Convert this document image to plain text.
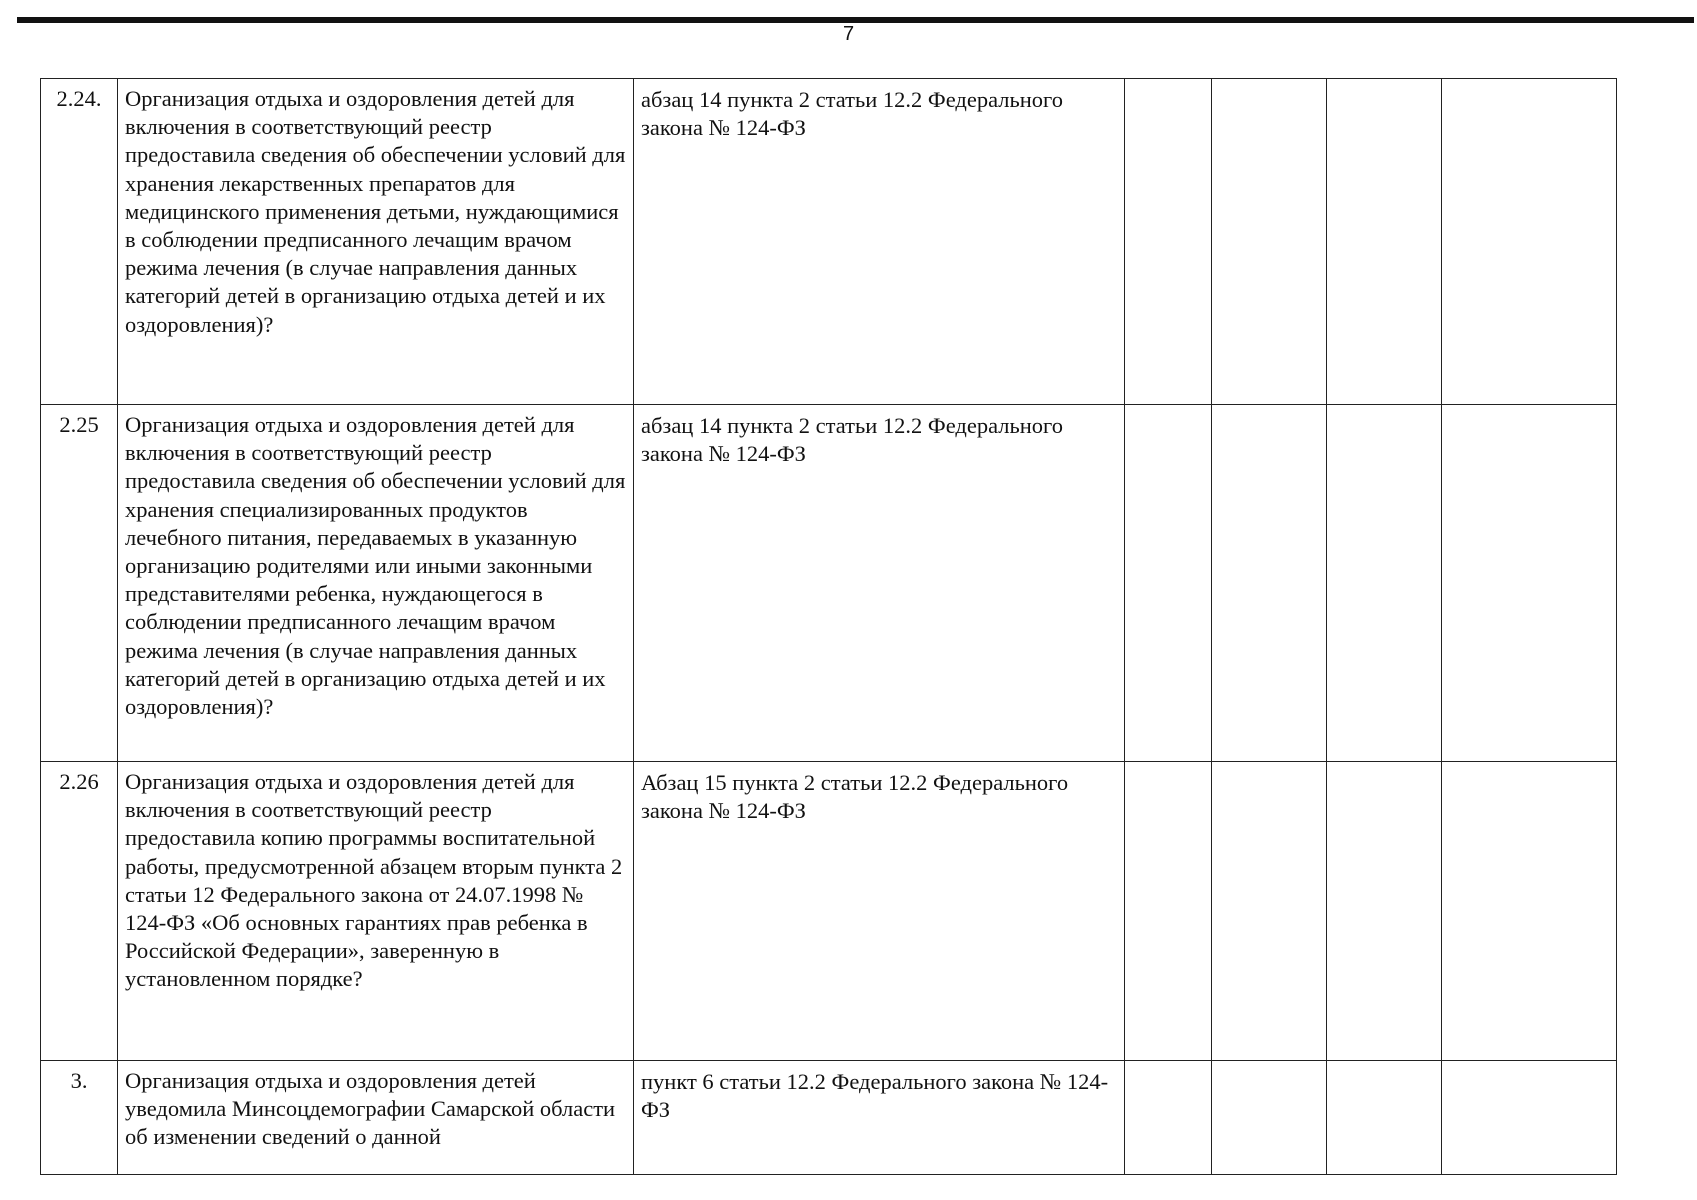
7
2.24.	Организация отдыха и оздоровления детей для включения в соответствующий реестр предоставила сведения об обеспечении условий для хранения лекарственных препаратов для медицинского применения детьми, нуждающимися в соблюдении предписанного лечащим врачом режима лечения (в случае направления данных категорий детей в организацию отдыха детей и их оздоровления)?	абзац 14 пункта 2 статьи 12.2 Федерального закона № 124-ФЗ				
2.25	Организация отдыха и оздоровления детей для включения в соответствующий реестр предоставила сведения об обеспечении условий для хранения специализированных продуктов лечебного питания, передаваемых в указанную организацию родителями или иными законными представителями ребенка, нуждающегося в соблюдении предписанного лечащим врачом режима лечения (в случае направления данных категорий детей в организацию отдыха детей и их оздоровления)?	абзац 14 пункта 2 статьи 12.2 Федерального закона № 124-ФЗ				
2.26	Организация отдыха и оздоровления детей для включения в соответствующий реестр предоставила копию программы воспитательной работы, предусмотренной абзацем вторым пункта 2 статьи 12 Федерального закона от 24.07.1998 № 124-ФЗ «Об основных гарантиях прав ребенка в Российской Федерации», заверенную в установленном порядке?	Абзац 15 пункта 2 статьи 12.2 Федерального закона № 124-ФЗ				
3.	Организация отдыха и оздоровления детей уведомила Минсоцдемографии Самарской области об изменении сведений о данной	пункт 6 статьи 12.2 Федерального закона № 124-ФЗ				
